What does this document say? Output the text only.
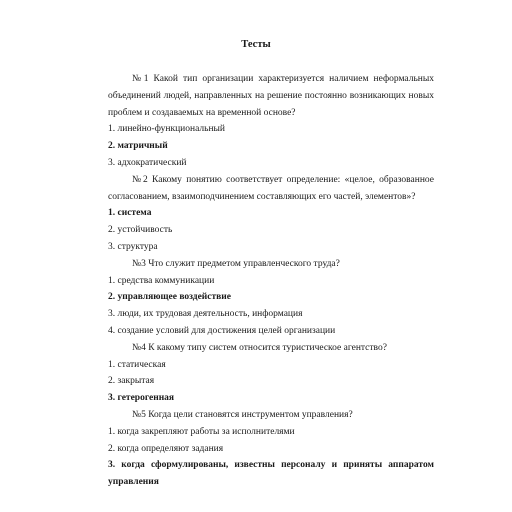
Тесты

№1 Какой тип организации характеризуется наличием неформальных объединений людей, направленных на решение постоянно возникающих новых проблем и создаваемых на временной основе?

1. линейно-функциональный

2. матричный

3. адхократический

№2 Какому понятию соответствует определение: «целое, образованное согласованием, взаимоподчинением составляющих его частей, элементов»?

1. система

2. устойчивость

3. структура

№3 Что служит предметом управленческого труда?

1. средства коммуникации

2. управляющее воздействие

3. люди, их трудовая деятельность, информация

4. создание условий для достижения целей организации

№4 К какому типу систем относится туристическое агентство?

1. статическая

2. закрытая

3. гетерогенная

№5 Когда цели становятся инструментом управления?

1. когда закрепляют работы за исполнителями

2. когда определяют задания

3. когда сформулированы, известны персоналу и приняты аппаратом управления
